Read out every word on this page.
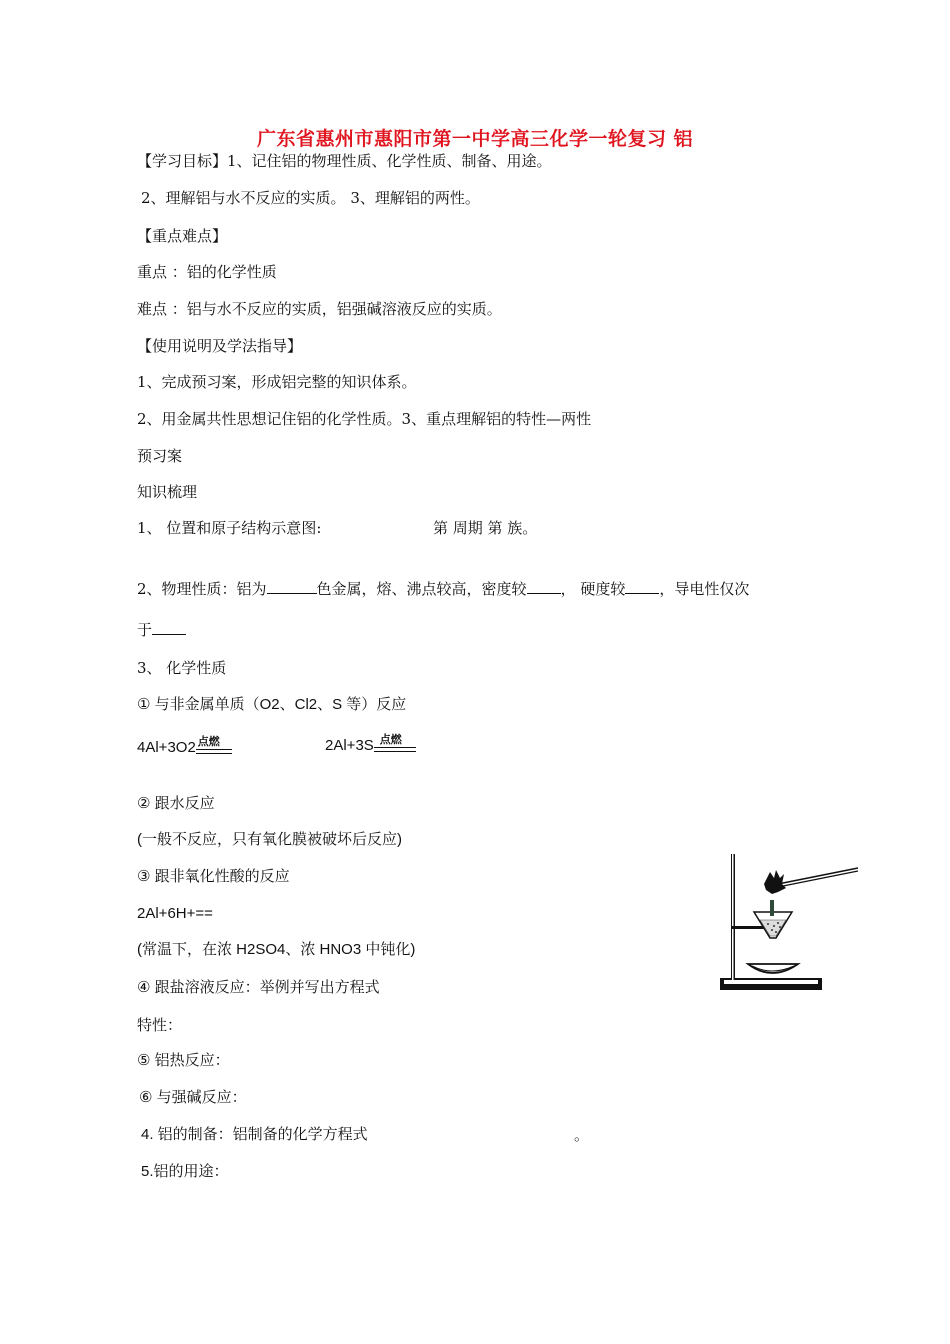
广东省惠州市惠阳市第一中学高三化学一轮复习 铝
【学习目标】1、记住铝的物理性质、化学性质、制备、用途。
2、理解铝与水不反应的实质。 3、理解铝的两性。
【重点难点】
重点 ：铝的化学性质
难点 ：铝与水不反应的实质，铝强碱溶液反应的实质。
【使用说明及学法指导】
1、完成预习案，形成铝完整的知识体系。
2、用金属共性思想记住铝的化学性质。3、重点理解铝的特性—两性
预习案
知识梳理
1、 位置和原子结构示意图:	第 周期 第 族。
2、物理性质：铝为	色金属，熔、沸点较高，密度较 ， 硬度较 ，导电性仅次
于
3、 化学性质
① 与非金属单质（O2、Cl2、S 等）反应
4Al+3O2 点燃	2Al+3S 点燃
② 跟水反应
(一般不反应，只有氧化膜被破坏后反应)
③ 跟非氧化性酸的反应
2Al+6H+==
(常温下，在浓 H2SO4、浓 HNO3 中钝化)
④ 跟盐溶液反应：举例并写出方程式
特性：
⑤ 铝热反应：
⑥ 与强碱反应：
4. 铝的制备：铝制备的化学方程式	。
5.铝的用途：
